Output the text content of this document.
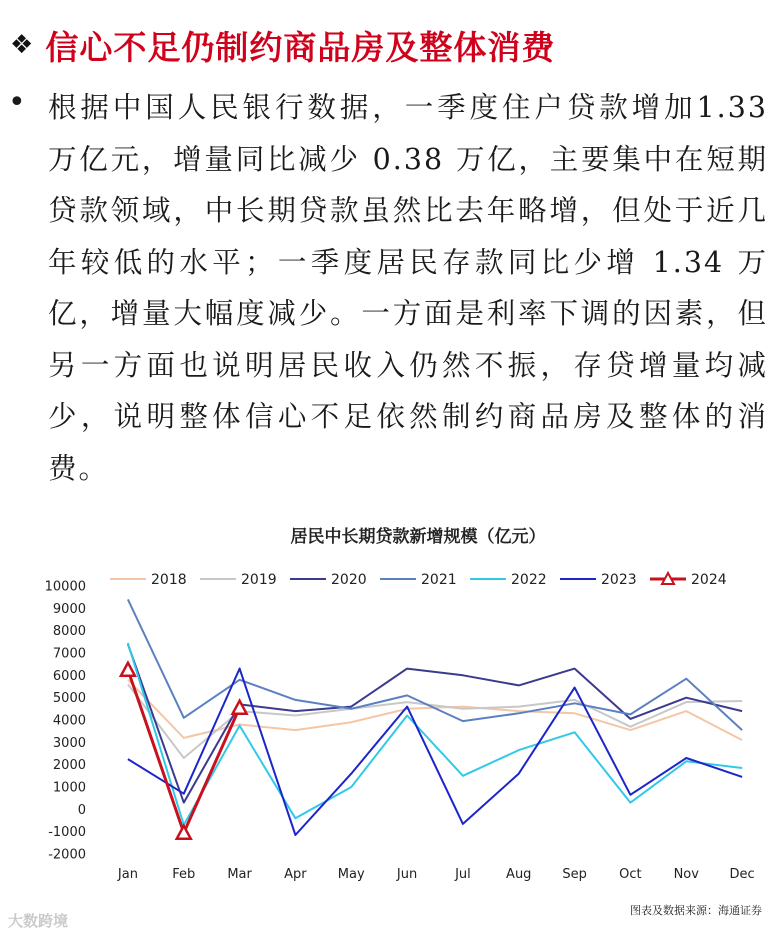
❖ 信心不足仍制约商品房及整体消费
• 根据中国人民银行数据，一季度住户贷款增加1.33 万亿元，增量同比减少 0.38 万亿，主要集中在短期贷款领域，中长期贷款虽然比去年略增，但处于近几年较低的水平；一季度居民存款同比少增 1.34 万亿，增量大幅度减少。一方面是利率下调的因素，但另一方面也说明居民收入仍然不振，存贷增量均减少，说明整体信心不足依然制约商品房及整体的消费。

居民中长期贷款新增规模（亿元）
2018	2019	2020	2021	2022	2023	2024
10000
9000
8000
7000
6000
5000
4000
3000
2000
1000
0
-1000
-2000
Jan	Feb Mar Apr May Jun	Jul	Aug Sep Oct Nov Dec
图表及数据来源：海通证券
大数跨境
